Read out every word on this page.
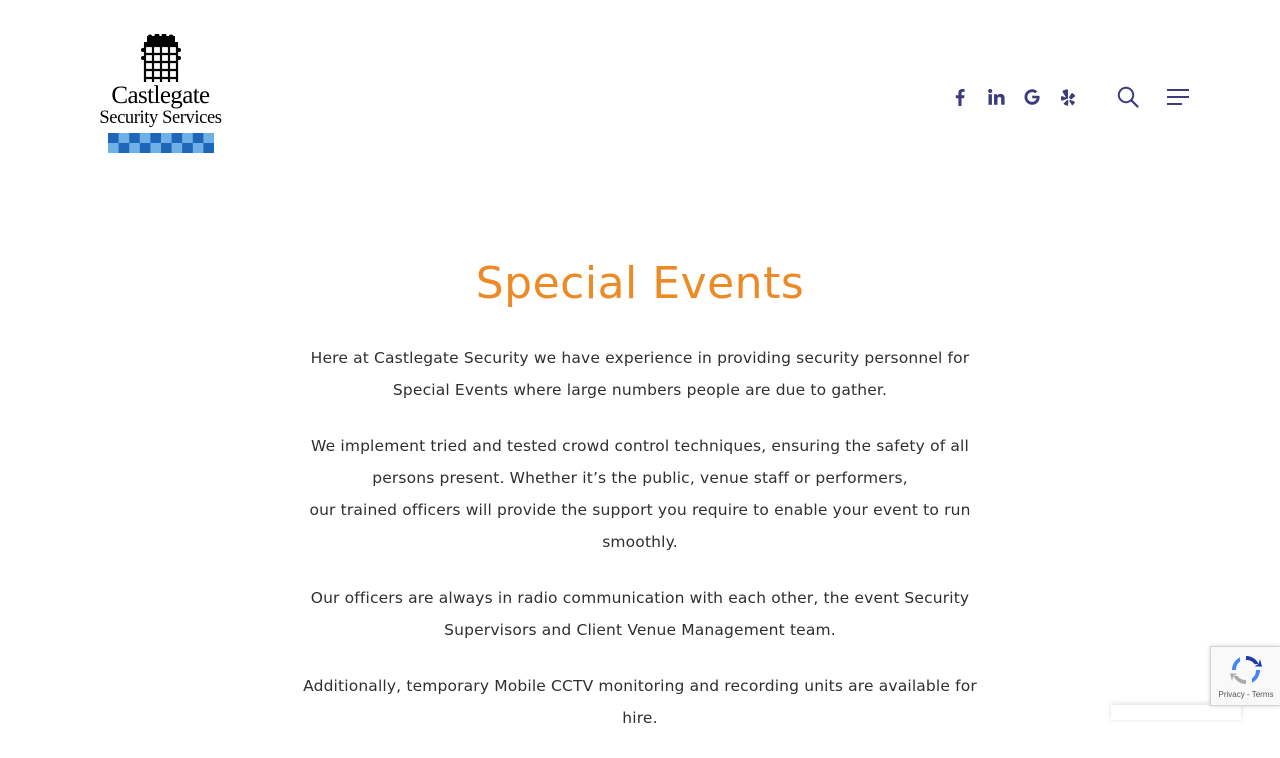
Castlegate
Security Services
Special Events

Here at Castlegate Security we have experience in providing security personnel for Special Events where large numbers people are due to gather.

We implement tried and tested crowd control techniques, ensuring the safety of all persons present. Whether it’s the public, venue staff or performers,

our trained officers will provide the support you require to enable your event to run smoothly.

Our officers are always in radio communication with each other, the event Security Supervisors and Client Venue Management team.

Additionally, temporary Mobile CCTV monitoring and recording units are available for hire.

Privacy - Terms
